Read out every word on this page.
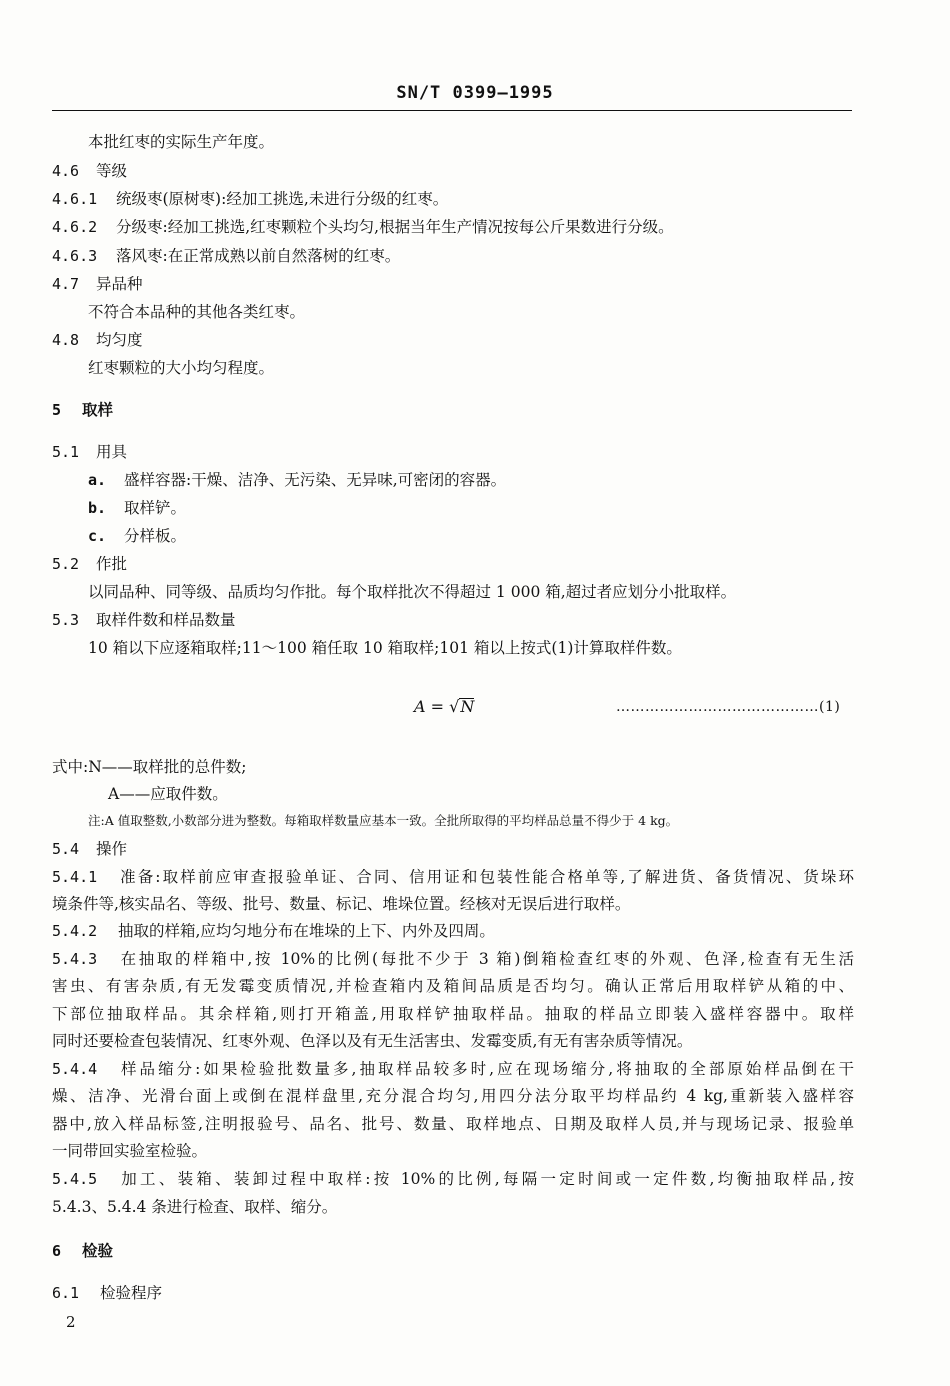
SN/T 0399—1995
本批红枣的实际生产年度。
4.6 等级
4.6.1 统级枣(原树枣):经加工挑选,未进行分级的红枣。
4.6.2 分级枣:经加工挑选,红枣颗粒个头均匀,根据当年生产情况按每公斤果数进行分级。
4.6.3 落风枣:在正常成熟以前自然落树的红枣。
4.7 异品种
不符合本品种的其他各类红枣。
4.8 均匀度
红枣颗粒的大小均匀程度。
5 取样
5.1 用具
a. 盛样容器:干燥、洁净、无污染、无异味,可密闭的容器。
b. 取样铲。
c. 分样板。
5.2 作批
以同品种、同等级、品质均匀作批。每个取样批次不得超过 1 000 箱,超过者应划分小批取样。
5.3 取样件数和样品数量
10 箱以下应逐箱取样;11～100 箱任取 10 箱取样;101 箱以上按式(1)计算取样件数。
A = √N	……………………………………(1)
式中:N——取样批的总件数;
A——应取件数。
注:A 值取整数,小数部分进为整数。每箱取样数量应基本一致。全批所取得的平均样品总量不得少于 4 kg。
5.4 操作
5.4.1 准备:取样前应审查报验单证、合同、信用证和包装性能合格单等,了解进货、备货情况、货垛环
境条件等,核实品名、等级、批号、数量、标记、堆垛位置。经核对无误后进行取样。
5.4.2 抽取的样箱,应均匀地分布在堆垛的上下、内外及四周。
5.4.3 在抽取的样箱中,按 10%的比例(每批不少于 3 箱)倒箱检查红枣的外观、色泽,检查有无生活
害虫、有害杂质,有无发霉变质情况,并检查箱内及箱间品质是否均匀。确认正常后用取样铲从箱的中、
下部位抽取样品。其余样箱,则打开箱盖,用取样铲抽取样品。抽取的样品立即装入盛样容器中。取样
同时还要检查包装情况、红枣外观、色泽以及有无生活害虫、发霉变质,有无有害杂质等情况。
5.4.4 样品缩分:如果检验批数量多,抽取样品较多时,应在现场缩分,将抽取的全部原始样品倒在干
燥、洁净、光滑台面上或倒在混样盘里,充分混合均匀,用四分法分取平均样品约 4 kg,重新装入盛样容
器中,放入样品标签,注明报验号、品名、批号、数量、取样地点、日期及取样人员,并与现场记录、报验单
一同带回实验室检验。
5.4.5 加工、装箱、装卸过程中取样:按 10%的比例,每隔一定时间或一定件数,均衡抽取样品,按
5.4.3、5.4.4 条进行检查、取样、缩分。
6 检验
6.1 检验程序
2
